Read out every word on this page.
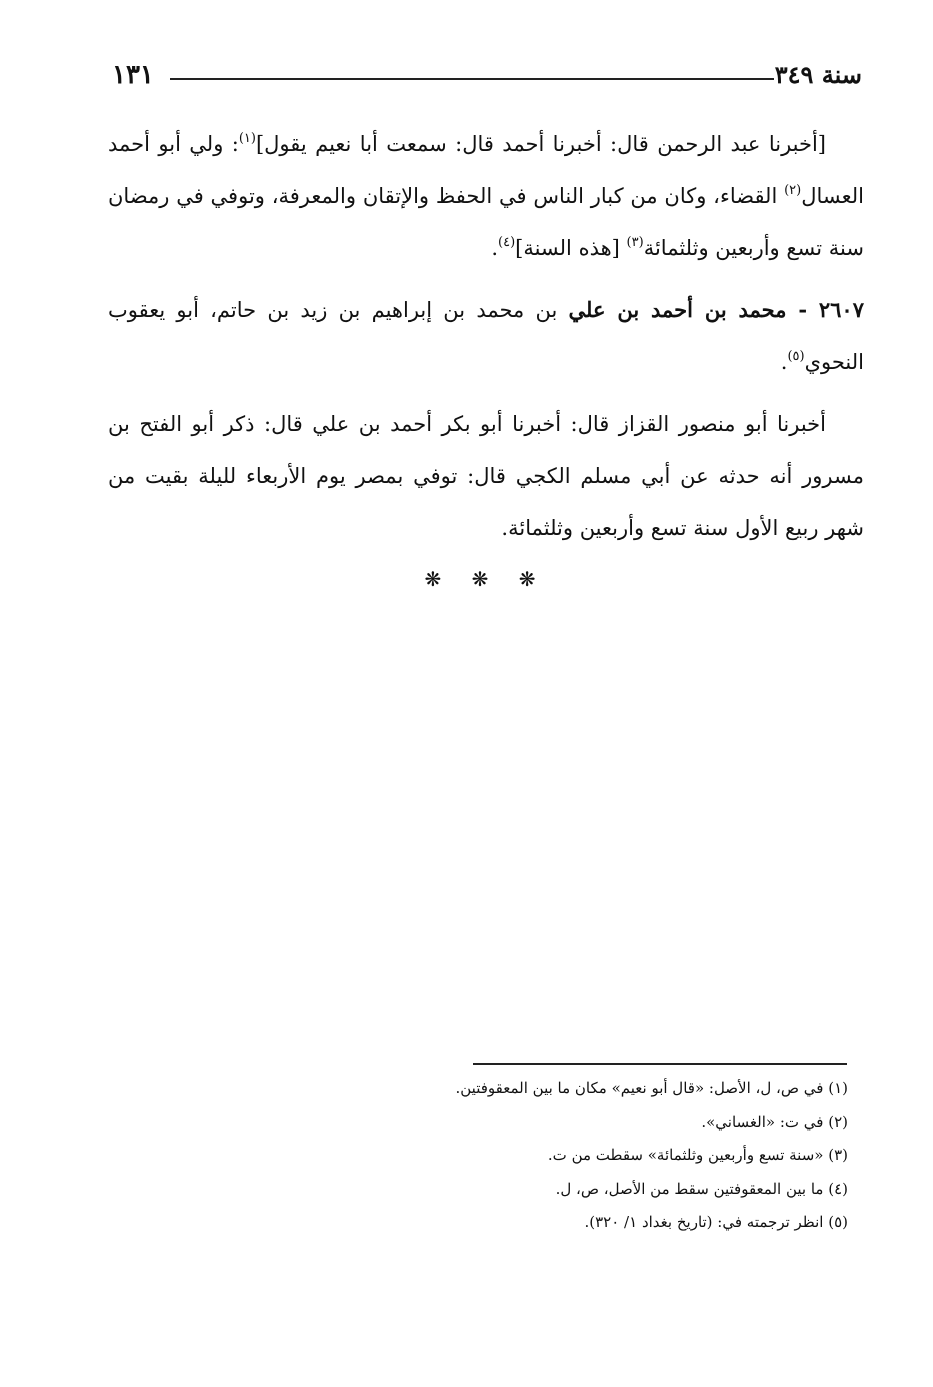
١٣١	سنة ٣٤٩

[أخبرنا عبد الرحمن قال: أخبرنا أحمد قال: سمعت أبا نعيم يقول]$^{(١)}$: ولي أبو أحمد العسال$^{(٢)}$ القضاء، وكان من كبار الناس في الحفظ والإتقان والمعرفة، وتوفي في رمضان سنة تسع وأربعين وثلثمائة$^{(٣)}$ [هذه السنة]$^{(٤)}$.

٢٦٠٧ - محمد بن أحمد بن علي بن محمد بن إبراهيم بن زيد بن حاتم، أبو يعقوب النحوي$^{(٥)}$.

أخبرنا أبو منصور القزاز قال: أخبرنا أبو بكر أحمد بن علي قال: ذكر أبو الفتح بن مسرور أنه حدثه عن أبي مسلم الكجي قال: توفي بمصر يوم الأربعاء لليلة بقيت من شهر ربيع الأول سنة تسع وأربعين وثلثمائة.

❋ ❋ ❋
(١) في ص، ل، الأصل: «قال أبو نعيم» مكان ما بين المعقوفتين.
(٢) في ت: «الغساني».
(٣) «سنة تسع وأربعين وثلثمائة» سقطت من ت.
(٤) ما بين المعقوفتين سقط من الأصل، ص، ل.
(٥) انظر ترجمته في: (تاريخ بغداد ١/ ٣٢٠).
